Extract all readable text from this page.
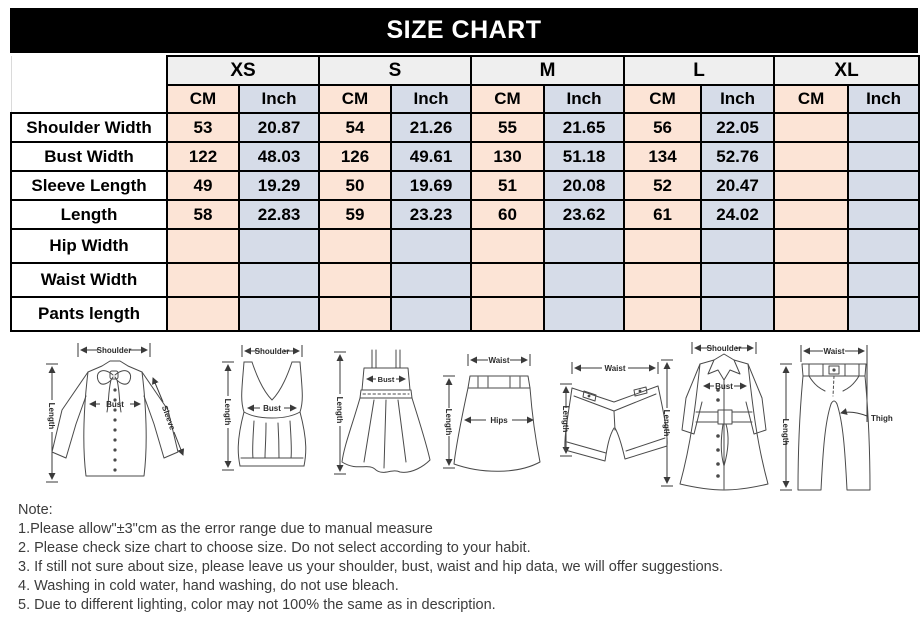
SIZE CHART
	XS		S		M		L		XL	
	CM	Inch	CM	Inch	CM	Inch	CM	Inch	CM	Inch
Shoulder Width	53	20.87	54	21.26	55	21.65	56	22.05		
Bust Width	122	48.03	126	49.61	130	51.18	134	52.76		
Sleeve Length	49	19.29	50	19.69	51	20.08	52	20.47		
Length	58	22.83	59	23.23	60	23.62	61	24.02		
Hip Width										
Waist Width										
Pants length										
Shoulder
Length	Bust	Sleeve
Shoulder
Length	Bust	Length
Bust
Waist
Length	Hips
Waist
Length
Shoulder
Length
Bust
Waist
Length
Thigh
Note:
1.Please allow"±3"cm as the error range due to manual measure
2. Please check size chart to choose size. Do not select according to your habit.
3. If still not sure about size, please leave us your shoulder, bust, waist and hip data, we will offer suggestions.
4. Washing in cold water, hand washing, do not use bleach.
5. Due to different lighting, color may not 100% the same as in description.
